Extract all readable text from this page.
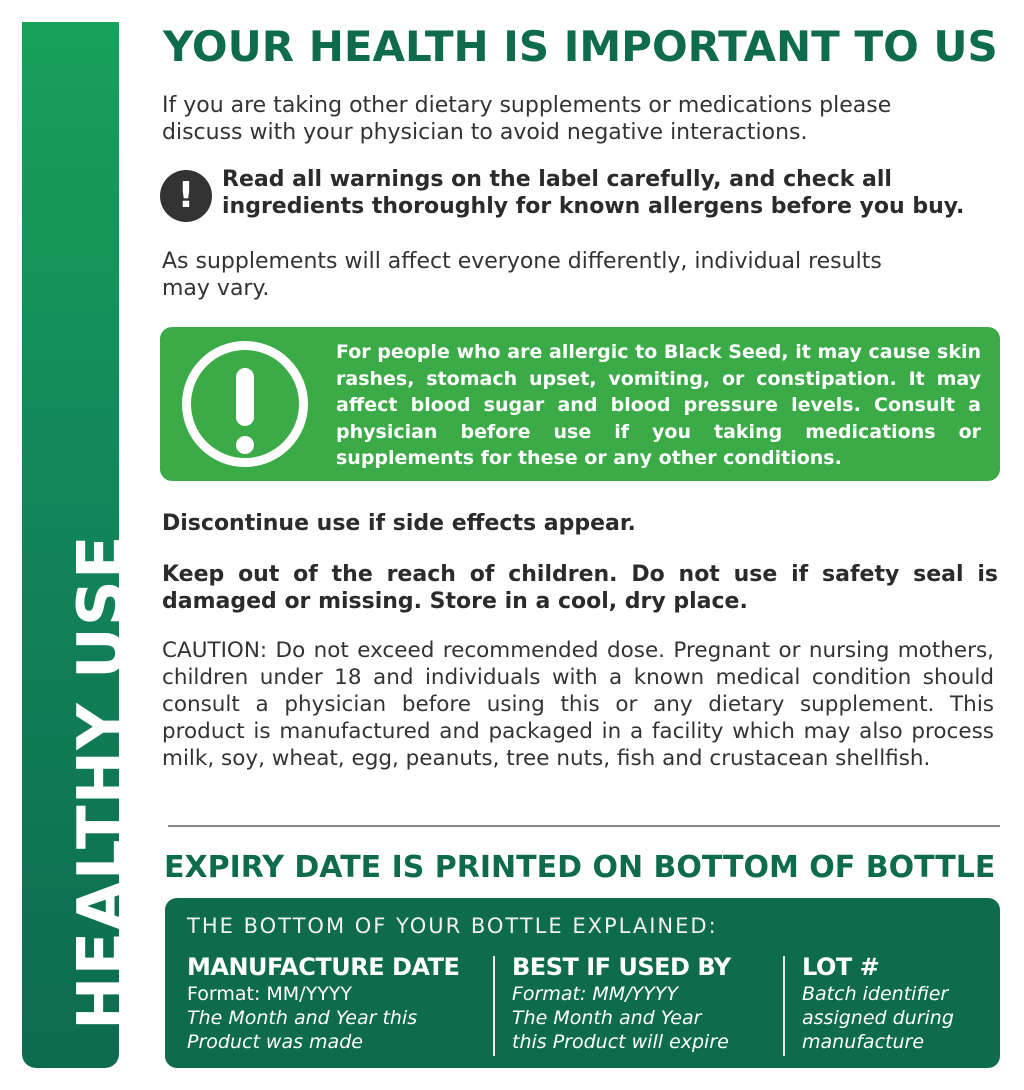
HEALTHY USE
YOUR HEALTH IS IMPORTANT TO US
If you are taking other dietary supplements or medications please
discuss with your physician to avoid negative interactions.
!	Read all warnings on the label carefully, and check all
ingredients thoroughly for known allergens before you buy.
As supplements will affect everyone differently, individual results
may vary.
For people who are allergic to Black Seed, it may cause skin rashes, stomach upset, vomiting, or constipation. It may affect blood sugar and blood pressure levels. Consult a physician before use if you taking medications or supplements for these or any other conditions.
Discontinue use if side effects appear.
Keep out of the reach of children. Do not use if safety seal is damaged or missing. Store in a cool, dry place.
CAUTION: Do not exceed recommended dose. Pregnant or nursing mothers, children under 18 and individuals with a known medical condition should consult a physician before using this or any dietary supplement. This product is manufactured and packaged in a facility which may also process milk, soy, wheat, egg, peanuts, tree nuts, fish and crustacean shellfish.
EXPIRY DATE IS PRINTED ON BOTTOM OF BOTTLE
THE BOTTOM OF YOUR BOTTLE EXPLAINED:
MANUFACTURE DATE
Format: MM/YYYY
The Month and Year this
Product was made
BEST IF USED BY
Format: MM/YYYY
The Month and Year
this Product will expire
LOT #
Batch identifier
assigned during
manufacture
